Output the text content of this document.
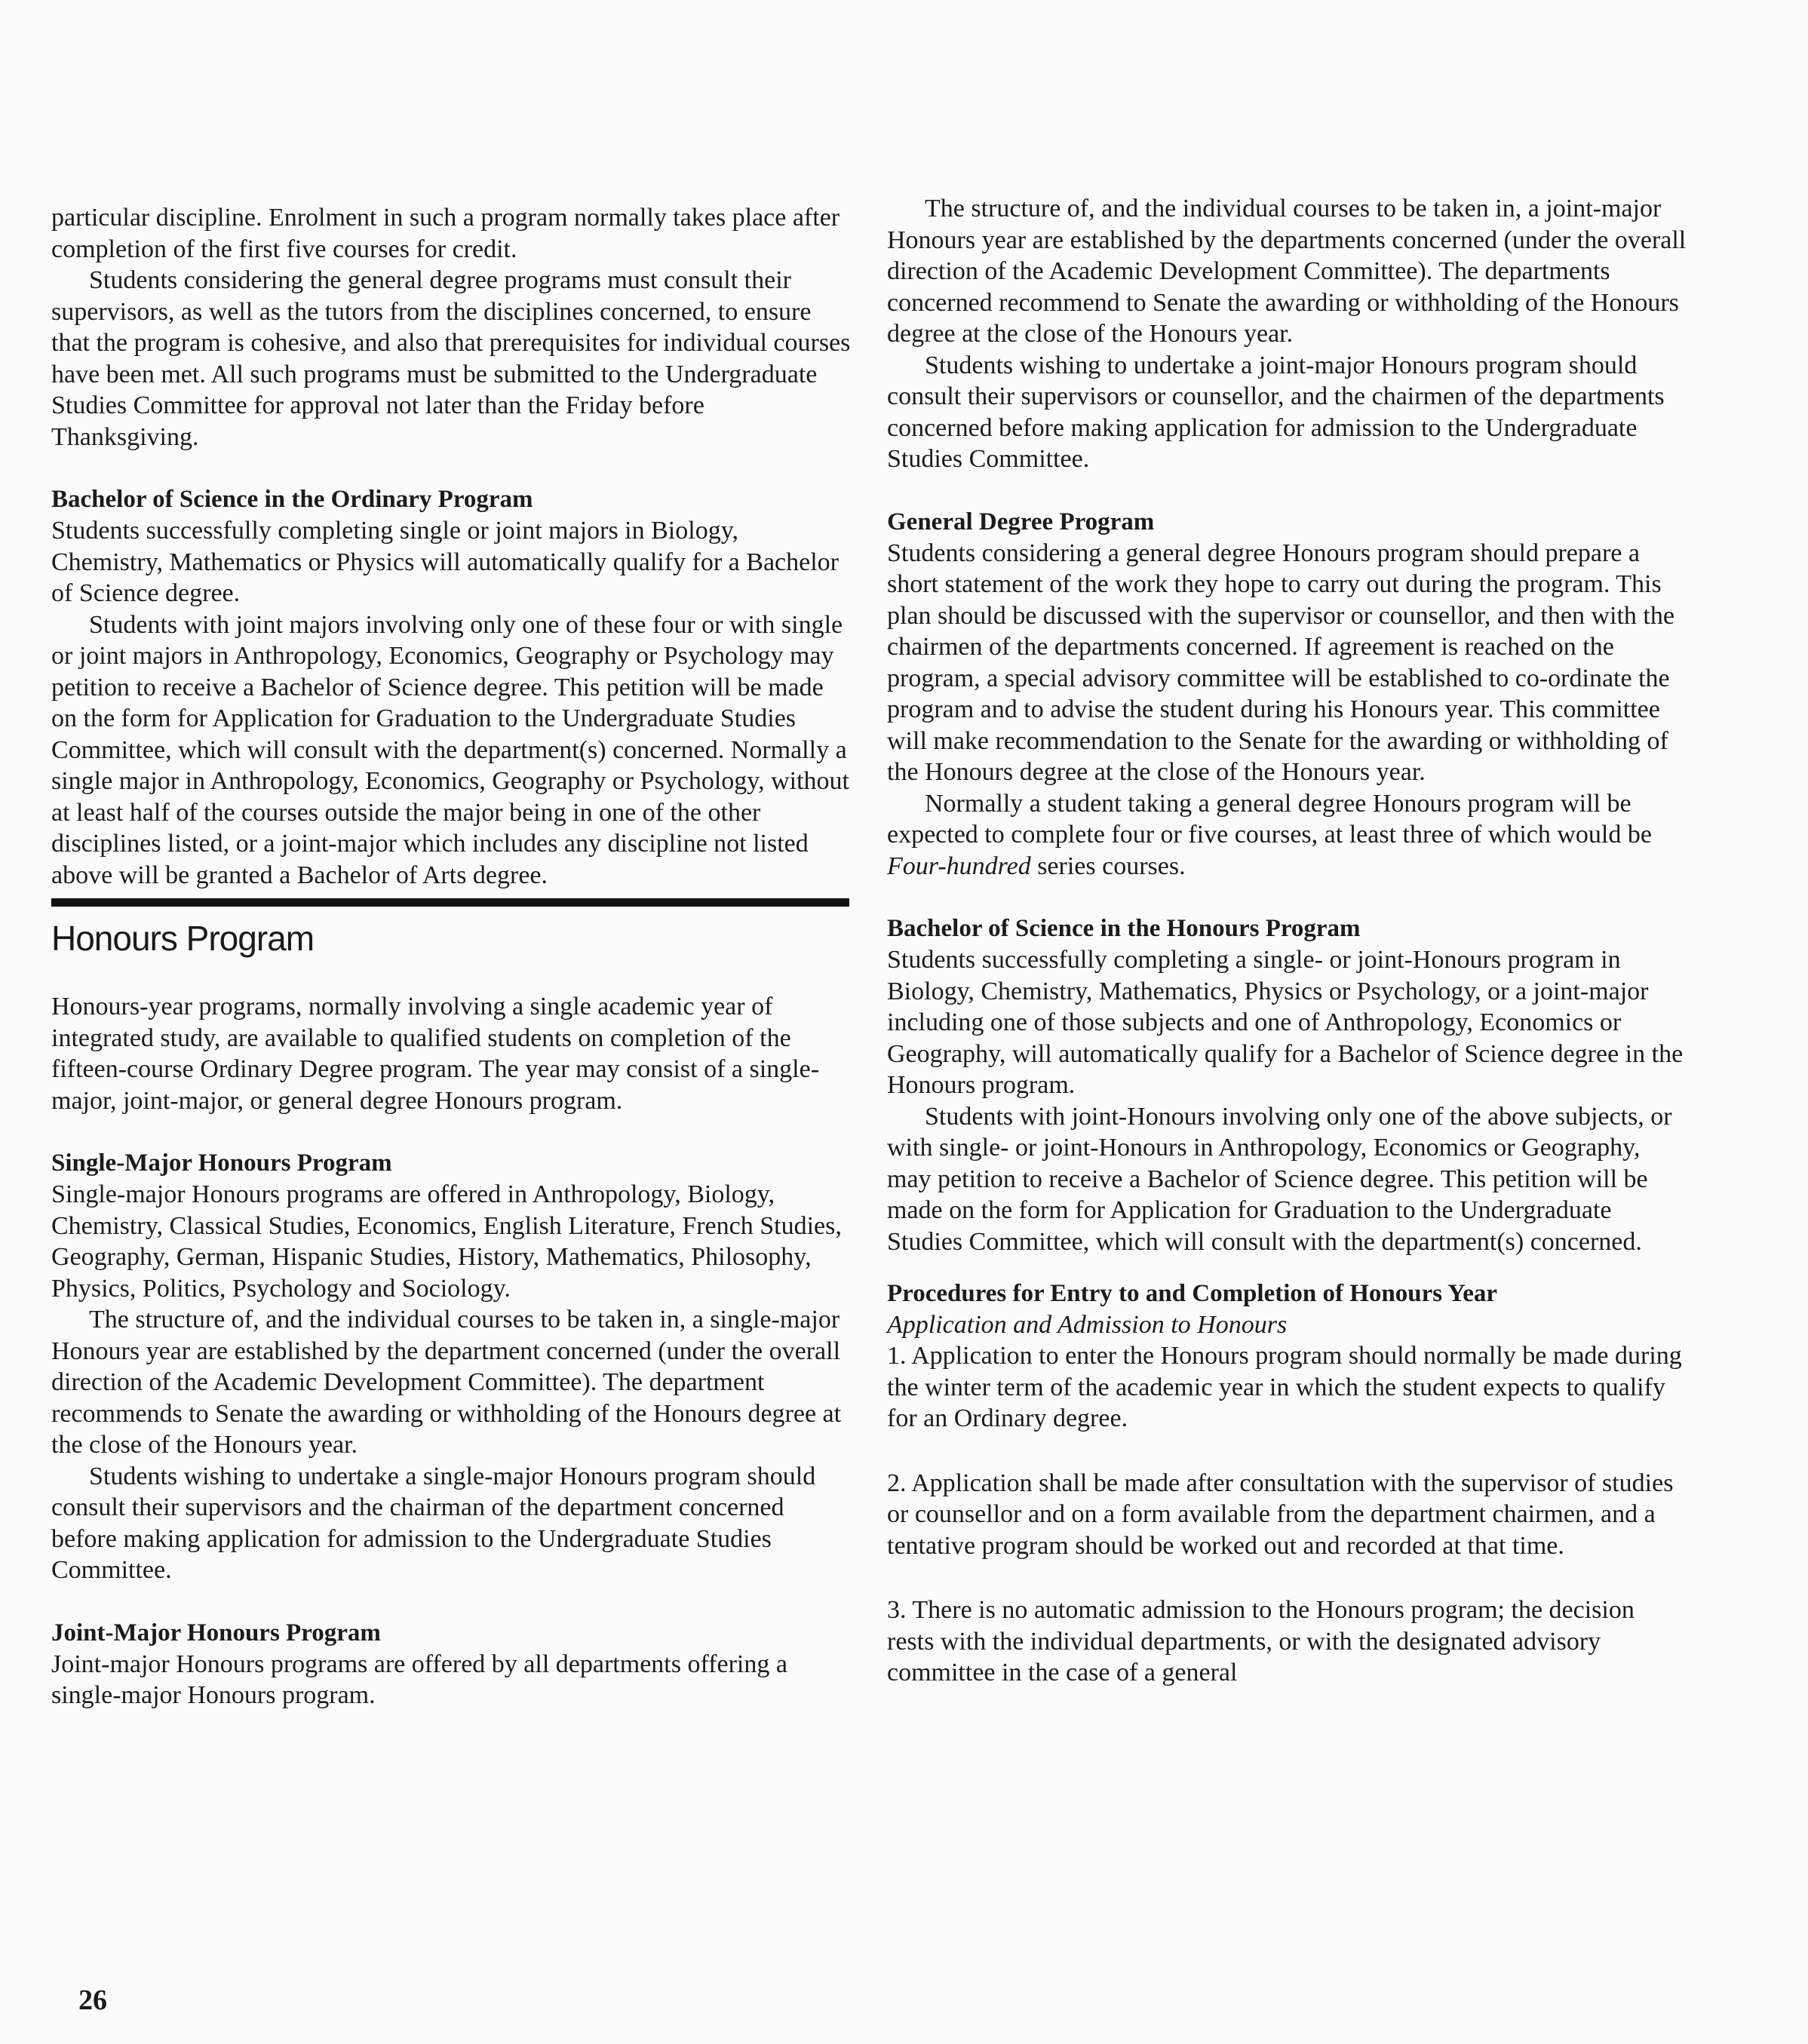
particular discipline. Enrolment in such a program normally takes place after completion of the first five courses for credit.

Students considering the general degree programs must consult their supervisors, as well as the tutors from the disciplines concerned, to ensure that the program is cohesive, and also that prerequisites for individual courses have been met. All such programs must be submitted to the Undergraduate Studies Committee for approval not later than the Friday before Thanksgiving.

Bachelor of Science in the Ordinary Program

Students successfully completing single or joint majors in Biology, Chemistry, Mathematics or Physics will automatically qualify for a Bachelor of Science degree.

Students with joint majors involving only one of these four or with single or joint majors in Anthropology, Economics, Geography or Psychology may petition to receive a Bachelor of Science degree. This petition will be made on the form for Application for Graduation to the Undergraduate Studies Committee, which will consult with the department(s) concerned. Normally a single major in Anthropology, Economics, Geography or Psychology, without at least half of the courses outside the major being in one of the other disciplines listed, or a joint-major which includes any discipline not listed above will be granted a Bachelor of Arts degree.

Honours Program

Honours-year programs, normally involving a single academic year of integrated study, are available to qualified students on completion of the fifteen-course Ordinary Degree program. The year may consist of a single-major, joint-major, or general degree Honours program.

Single-Major Honours Program

Single-major Honours programs are offered in Anthropology, Biology, Chemistry, Classical Studies, Economics, English Literature, French Studies, Geography, German, Hispanic Studies, History, Mathematics, Philosophy, Physics, Politics, Psychology and Sociology.

The structure of, and the individual courses to be taken in, a single-major Honours year are established by the department concerned (under the overall direction of the Academic Development Committee). The department recommends to Senate the awarding or withholding of the Honours degree at the close of the Honours year.

Students wishing to undertake a single-major Honours program should consult their supervisors and the chairman of the department concerned before making application for admission to the Undergraduate Studies Committee.

Joint-Major Honours Program

Joint-major Honours programs are offered by all departments offering a single-major Honours program.

The structure of, and the individual courses to be taken in, a joint-major Honours year are established by the departments concerned (under the overall direction of the Academic Development Committee). The departments concerned recommend to Senate the awarding or withholding of the Honours degree at the close of the Honours year.

Students wishing to undertake a joint-major Honours program should consult their supervisors or counsellor, and the chairmen of the departments concerned before making application for admission to the Undergraduate Studies Committee.

General Degree Program

Students considering a general degree Honours program should prepare a short statement of the work they hope to carry out during the program. This plan should be discussed with the supervisor or counsellor, and then with the chairmen of the departments concerned. If agreement is reached on the program, a special advisory committee will be established to co-ordinate the program and to advise the student during his Honours year. This committee will make recommendation to the Senate for the awarding or withholding of the Honours degree at the close of the Honours year.

Normally a student taking a general degree Honours program will be expected to complete four or five courses, at least three of which would be Four-hundred series courses.

Bachelor of Science in the Honours Program

Students successfully completing a single- or joint-Honours program in Biology, Chemistry, Mathematics, Physics or Psychology, or a joint-major including one of those subjects and one of Anthropology, Economics or Geography, will automatically qualify for a Bachelor of Science degree in the Honours program.

Students with joint-Honours involving only one of the above subjects, or with single- or joint-Honours in Anthropology, Economics or Geography, may petition to receive a Bachelor of Science degree. This petition will be made on the form for Application for Graduation to the Undergraduate Studies Committee, which will consult with the department(s) concerned.

Procedures for Entry to and Completion of Honours Year

Application and Admission to Honours

1. Application to enter the Honours program should normally be made during the winter term of the academic year in which the student expects to qualify for an Ordinary degree.

2. Application shall be made after consultation with the supervisor of studies or counsellor and on a form available from the department chairmen, and a tentative program should be worked out and recorded at that time.

3. There is no automatic admission to the Honours program; the decision rests with the individual departments, or with the designated advisory committee in the case of a general

26
